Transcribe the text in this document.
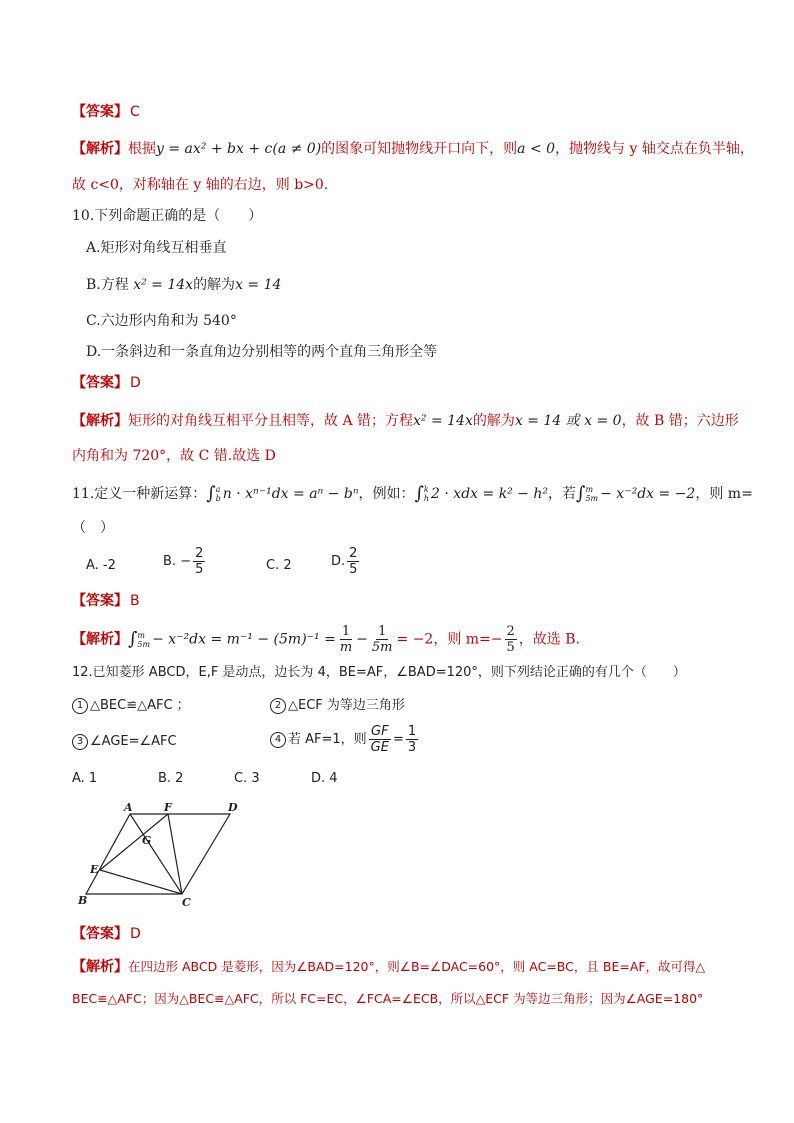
【答案】 C
【解析】根据y = ax² + bx + c(a ≠ 0)的图象可知抛物线开口向下，则a < 0，抛物线与 y 轴交点在负半轴，
故 c<0，对称轴在 y 轴的右边，则 b>0.
10.下列命题正确的是（　　）
A.矩形对角线互相垂直
B.方程 x² = 14x的解为x = 14
C.六边形内角和为 540°
D.一条斜边和一条直角边分别相等的两个直角三角形全等
【答案】 D
【解析】矩形的对角线互相平分且相等，故 A 错；方程x² = 14x的解为x = 14 或 x = 0，故 B 错；六边形
内角和为 720°，故 C 错.故选 D
11.定义一种新运算：∫ a
b n · xⁿ⁻¹dx = aⁿ − bⁿ，例如：∫ k
h 2 · xdx = k² − h²，若∫ m
5m − x⁻²dx = −2，则 m=
（　）
A. -2	B. − $\frac{2}{5}$	C. 2	D. $\frac{2}{5}$
【答案】 B
【解析】∫ m
$5m - x^{-2}dx = m^{-1} - (5m)^{-1} = \frac{1}{m} - \frac{1}{5m} = -2$，则 $m=- \frac{2}{5}$ ，故选 B.
12.已知菱形 ABCD，E,F 是动点，边长为 4，BE=AF，∠BAD=120°，则下列结论正确的有几个（　　）
1 △BEC≌△AFC ；	2 △ECF 为等边三角形
3 ∠AGE=∠AFC	4 若 AF=1，则 $\frac{GF}{GE} = \frac{1}{3}$
A. 1	B. 2	C. 3	D. 4
A	F	D
G
E
B	C
【答案】 D
【解析】在四边形 ABCD 是菱形，因为∠BAD=120°，则∠B=∠DAC=60°，则 AC=BC，且 BE=AF，故可得△
BEC≌△AFC；因为△BEC≌△AFC，所以 FC=EC，∠FCA=∠ECB，所以△ECF 为等边三角形；因为∠AGE=180°
